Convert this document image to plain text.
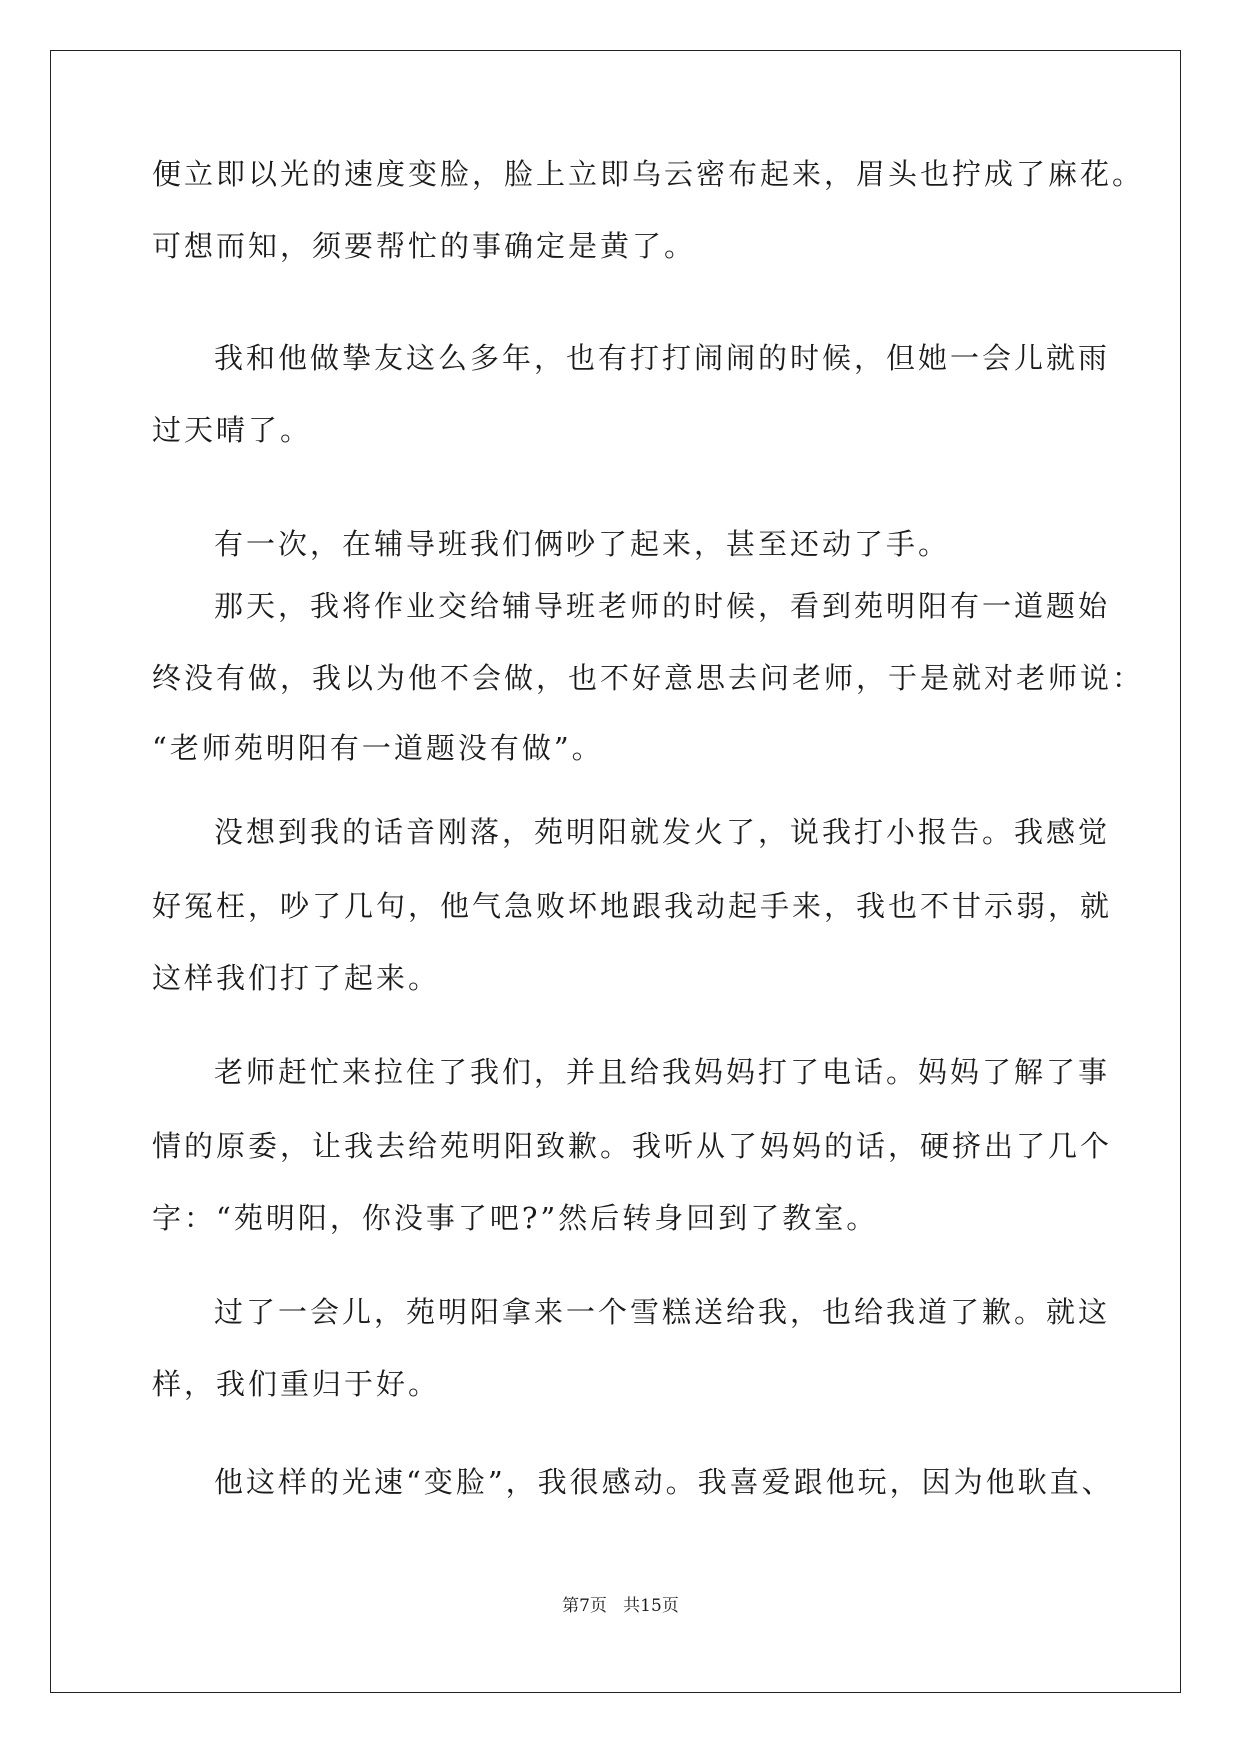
便立即以光的速度变脸，脸上立即乌云密布起来，眉头也拧成了麻花。
可想而知，须要帮忙的事确定是黄了。
我和他做挚友这么多年，也有打打闹闹的时候，但她一会儿就雨
过天晴了。
有一次，在辅导班我们俩吵了起来，甚至还动了手。
那天，我将作业交给辅导班老师的时候，看到苑明阳有一道题始
终没有做，我以为他不会做，也不好意思去问老师，于是就对老师说：
“老师苑明阳有一道题没有做”。
没想到我的话音刚落，苑明阳就发火了，说我打小报告。我感觉
好冤枉，吵了几句，他气急败坏地跟我动起手来，我也不甘示弱，就
这样我们打了起来。
老师赶忙来拉住了我们，并且给我妈妈打了电话。妈妈了解了事
情的原委，让我去给苑明阳致歉。我听从了妈妈的话，硬挤出了几个
字：“苑明阳，你没事了吧?”然后转身回到了教室。
过了一会儿，苑明阳拿来一个雪糕送给我，也给我道了歉。就这
样，我们重归于好。
他这样的光速“变脸”，我很感动。我喜爱跟他玩，因为他耿直、
第7页   共15页
